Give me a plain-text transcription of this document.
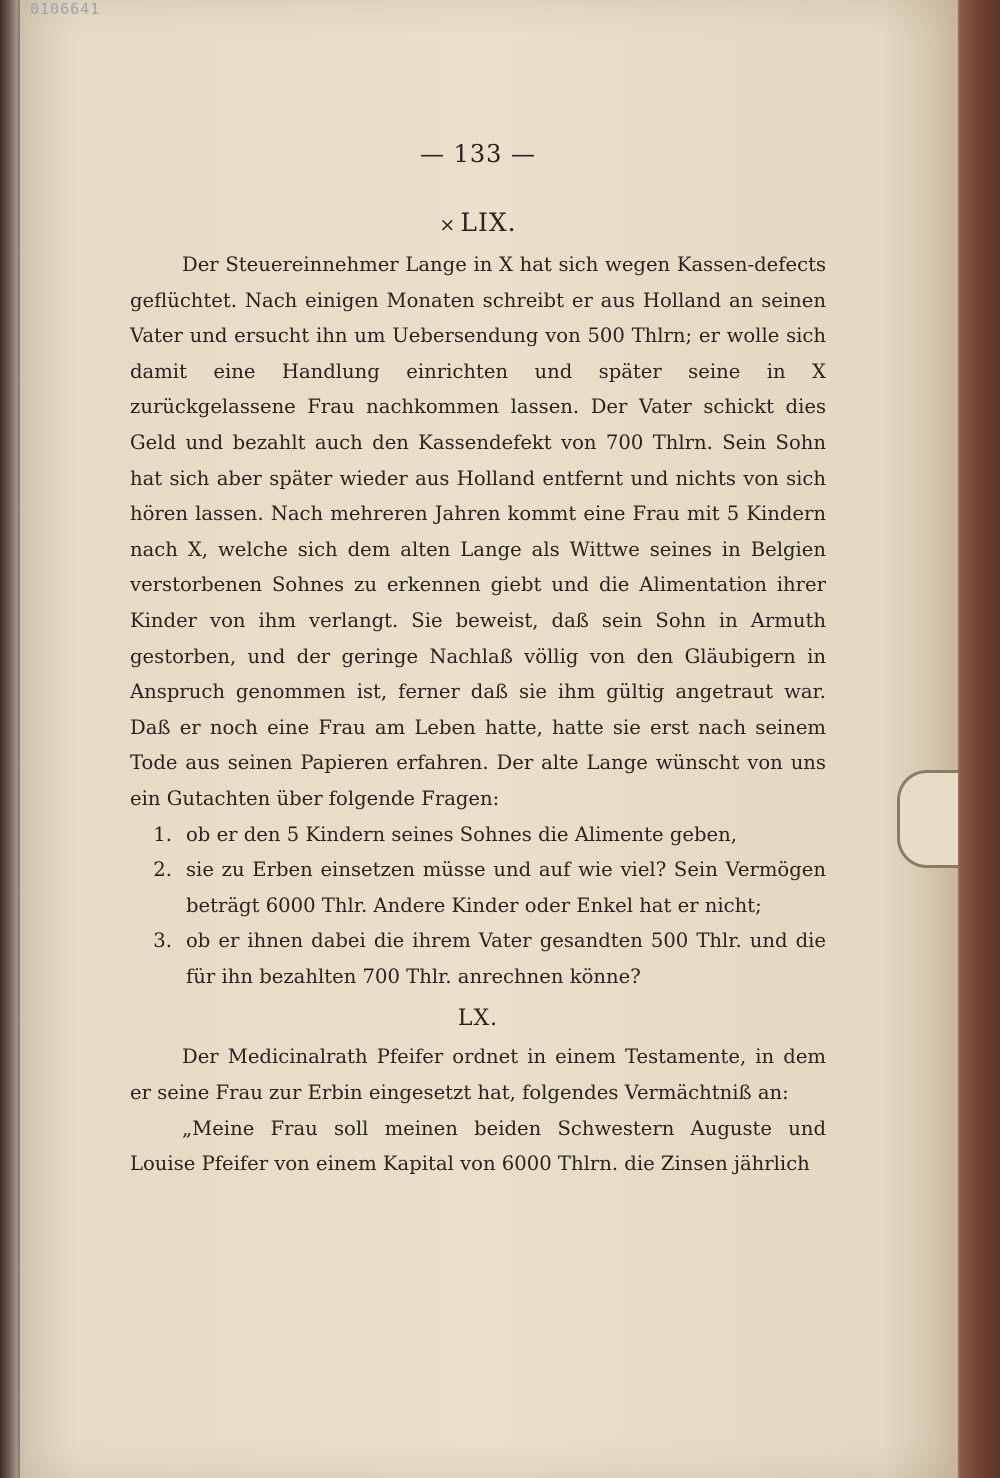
0106641
— 133 —
× LIX.

Der Steuereinnehmer Lange in X hat sich wegen Kassen-defects geflüchtet. Nach einigen Monaten schreibt er aus Holland an seinen Vater und ersucht ihn um Uebersendung von 500 Thlrn; er wolle sich damit eine Handlung einrichten und später seine in X zurückgelassene Frau nachkommen lassen. Der Vater schickt dies Geld und bezahlt auch den Kassendefekt von 700 Thlrn. Sein Sohn hat sich aber später wieder aus Holland entfernt und nichts von sich hören lassen. Nach mehreren Jahren kommt eine Frau mit 5 Kindern nach X, welche sich dem alten Lange als Wittwe seines in Belgien verstorbenen Sohnes zu erkennen giebt und die Alimentation ihrer Kinder von ihm verlangt. Sie beweist, daß sein Sohn in Armuth gestorben, und der geringe Nachlaß völlig von den Gläubigern in Anspruch genommen ist, ferner daß sie ihm gültig angetraut war. Daß er noch eine Frau am Leben hatte, hatte sie erst nach seinem Tode aus seinen Papieren erfahren. Der alte Lange wünscht von uns ein Gutachten über folgende Fragen:

1. ob er den 5 Kindern seines Sohnes die Alimente geben,
2. sie zu Erben einsetzen müsse und auf wie viel? Sein Vermögen beträgt 6000 Thlr. Andere Kinder oder Enkel hat er nicht;
3. ob er ihnen dabei die ihrem Vater gesandten 500 Thlr. und die für ihn bezahlten 700 Thlr. anrechnen könne?
LX.

Der Medicinalrath Pfeifer ordnet in einem Testamente, in dem er seine Frau zur Erbin eingesetzt hat, folgendes Vermächtniß an:

„Meine Frau soll meinen beiden Schwestern Auguste und Louise Pfeifer von einem Kapital von 6000 Thlrn. die Zinsen jährlich
